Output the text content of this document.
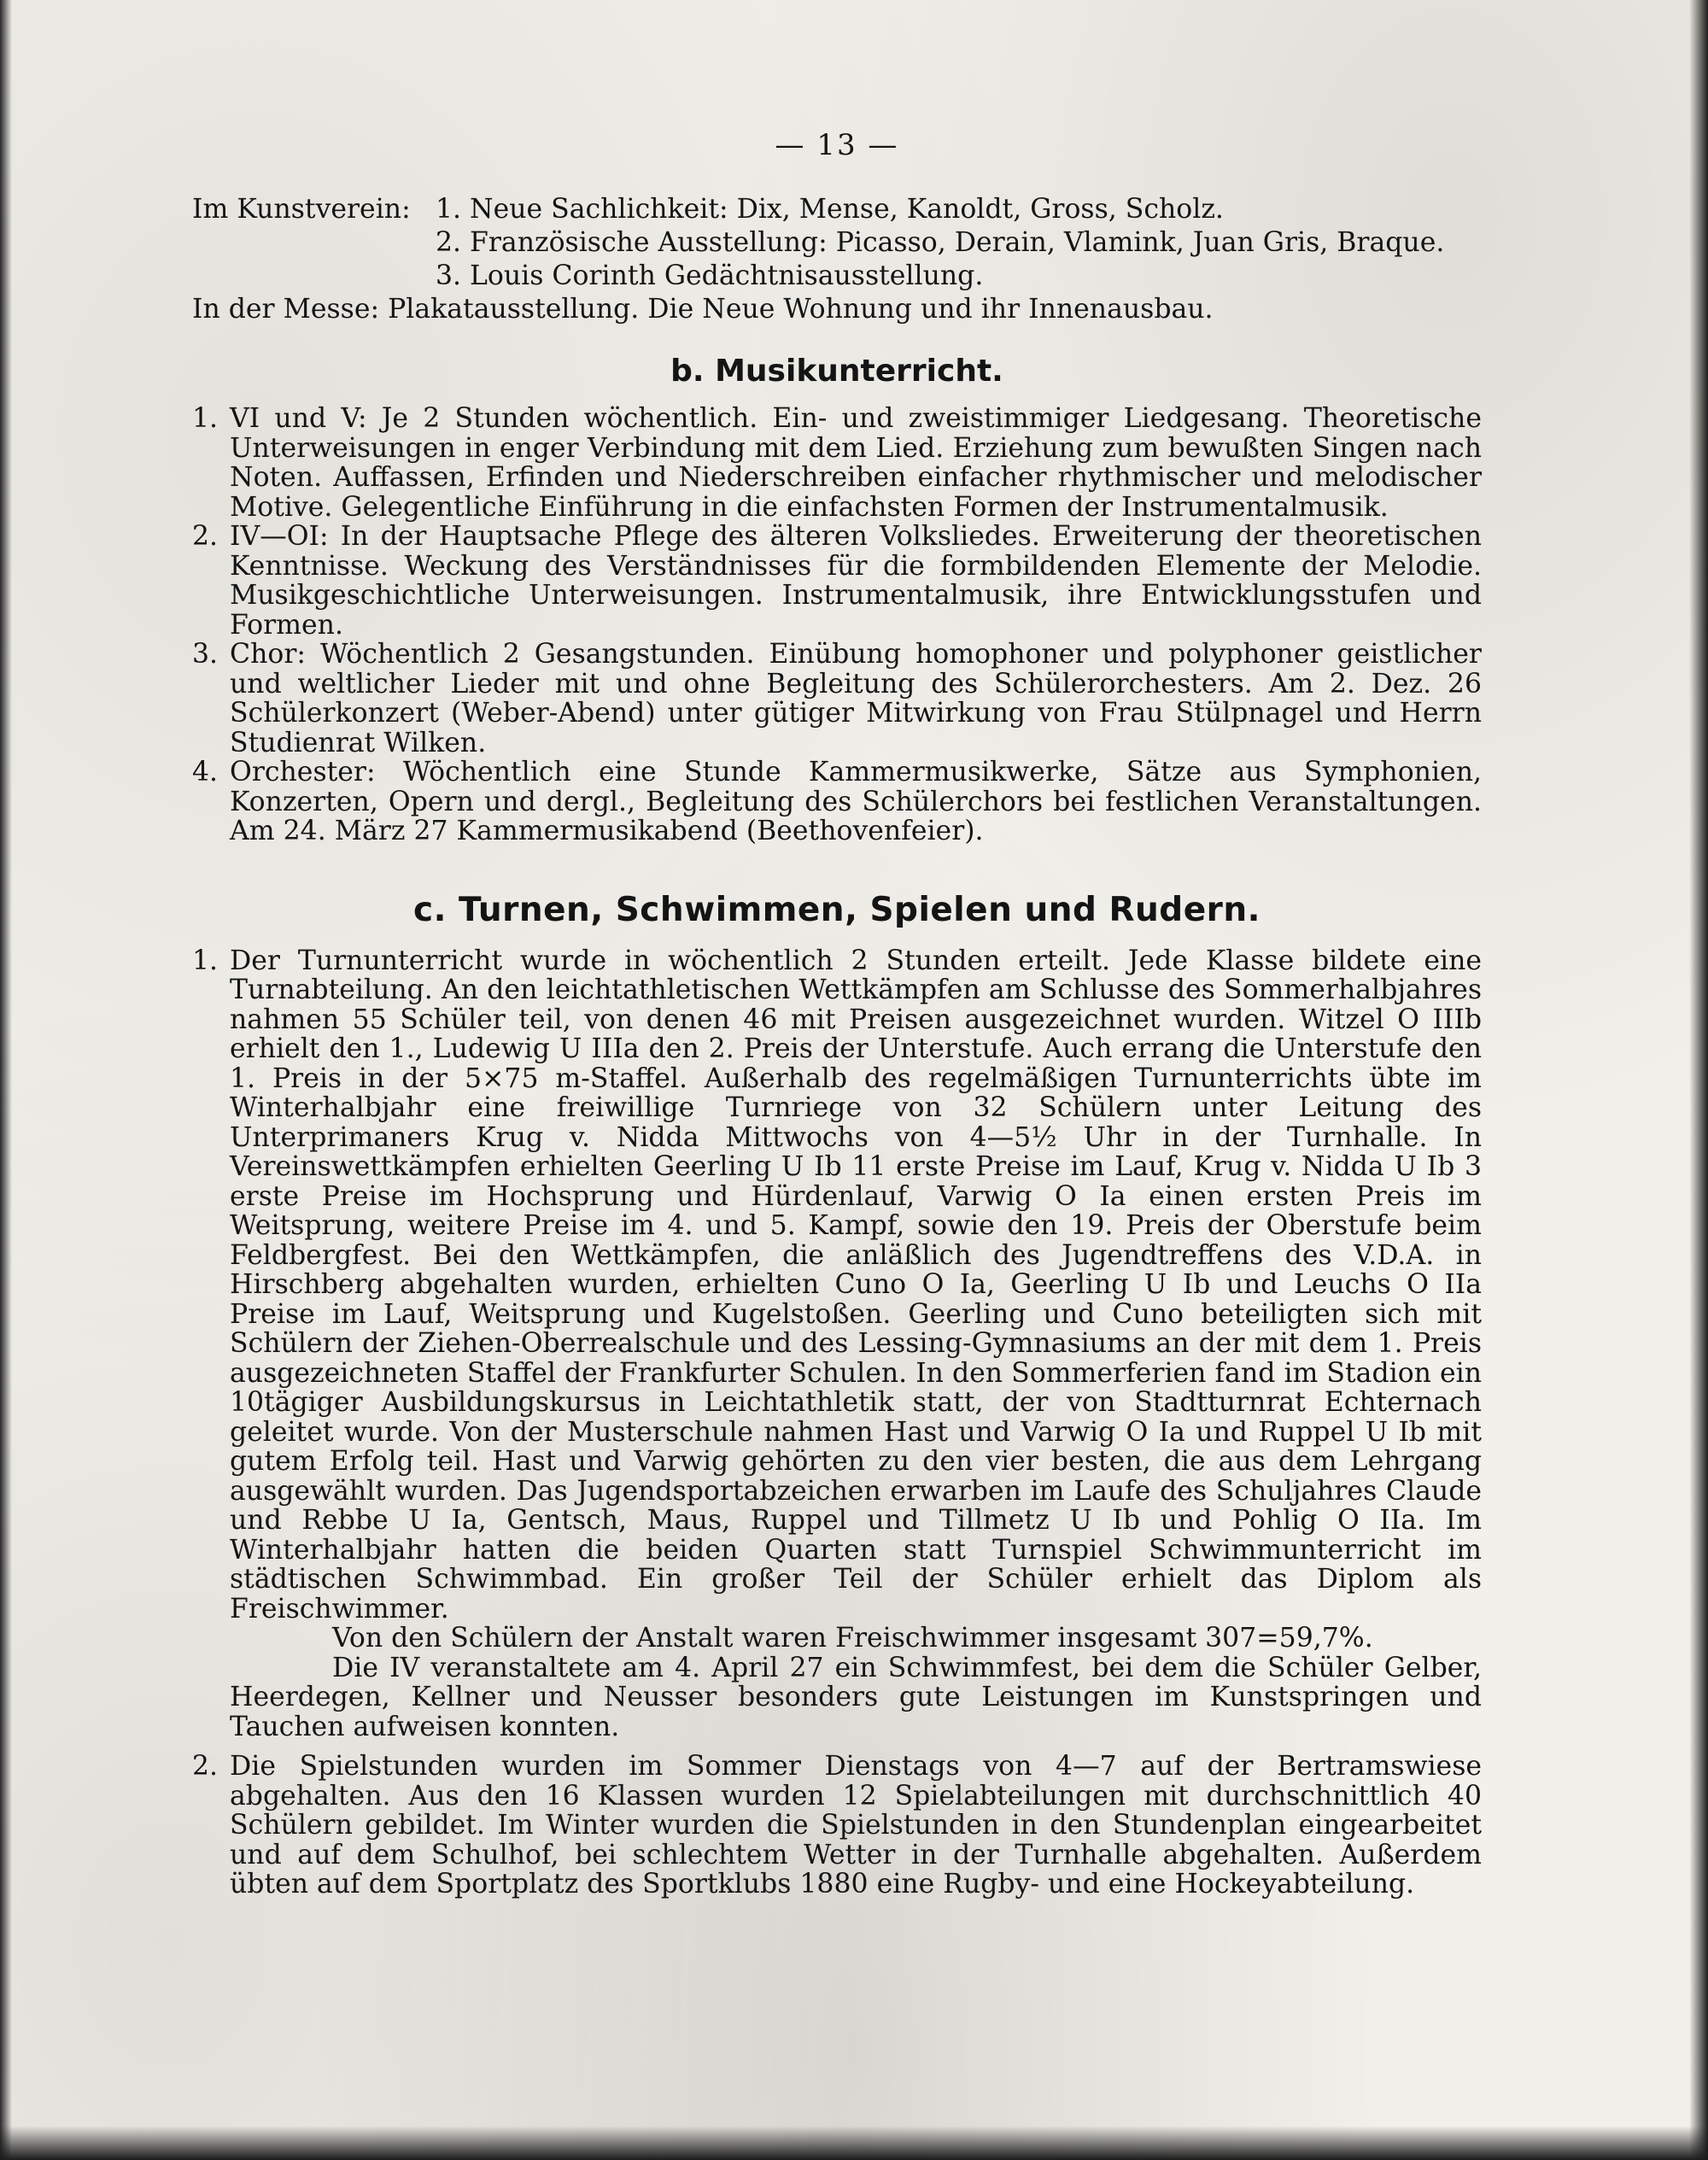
— 13 —
Im Kunstverein: 1. Neue Sachlichkeit: Dix, Mense, Kanoldt, Gross, Scholz.
2. Französische Ausstellung: Picasso, Derain, Vlamink, Juan Gris, Braque.
3. Louis Corinth Gedächtnisausstellung.
In der Messe: Plakatausstellung. Die Neue Wohnung und ihr Innenausbau.
b. Musikunterricht.
1. VI und V: Je 2 Stunden wöchentlich. Ein- und zweistimmiger Liedgesang. Theoretische Unterweisungen in enger Verbindung mit dem Lied. Erziehung zum bewußten Singen nach Noten. Auffassen, Erfinden und Niederschreiben einfacher rhythmischer und melodischer Motive. Gelegentliche Einführung in die einfachsten Formen der Instrumentalmusik.
2. IV—OI: In der Hauptsache Pflege des älteren Volksliedes. Erweiterung der theoretischen Kenntnisse. Weckung des Verständnisses für die formbildenden Elemente der Melodie. Musikgeschichtliche Unterweisungen. Instrumentalmusik, ihre Entwicklungsstufen und Formen.
3. Chor: Wöchentlich 2 Gesangstunden. Einübung homophoner und polyphoner geistlicher und weltlicher Lieder mit und ohne Begleitung des Schülerorchesters. Am 2. Dez. 26 Schülerkonzert (Weber-Abend) unter gütiger Mitwirkung von Frau Stülpnagel und Herrn Studienrat Wilken.
4. Orchester: Wöchentlich eine Stunde Kammermusikwerke, Sätze aus Symphonien, Konzerten, Opern und dergl., Begleitung des Schülerchors bei festlichen Veranstaltungen. Am 24. März 27 Kammermusikabend (Beethovenfeier).
c. Turnen, Schwimmen, Spielen und Rudern.
1. Der Turnunterricht wurde in wöchentlich 2 Stunden erteilt. Jede Klasse bildete eine Turnabteilung. An den leichtathletischen Wettkämpfen am Schlusse des Sommerhalbjahres nahmen 55 Schüler teil, von denen 46 mit Preisen ausgezeichnet wurden. Witzel O IIIb erhielt den 1., Ludewig U IIIa den 2. Preis der Unterstufe. Auch errang die Unterstufe den 1. Preis in der 5×75 m-Staffel. Außerhalb des regelmäßigen Turnunterrichts übte im Winterhalbjahr eine freiwillige Turnriege von 32 Schülern unter Leitung des Unterprimaners Krug v. Nidda Mittwochs von 4—5½ Uhr in der Turnhalle. In Vereinswettkämpfen erhielten Geerling U Ib 11 erste Preise im Lauf, Krug v. Nidda U Ib 3 erste Preise im Hochsprung und Hürdenlauf, Varwig O Ia einen ersten Preis im Weitsprung, weitere Preise im 4. und 5. Kampf, sowie den 19. Preis der Oberstufe beim Feldbergfest. Bei den Wettkämpfen, die anläßlich des Jugendtreffens des V.D.A. in Hirschberg abgehalten wurden, erhielten Cuno O Ia, Geerling U Ib und Leuchs O IIa Preise im Lauf, Weitsprung und Kugelstoßen. Geerling und Cuno beteiligten sich mit Schülern der Ziehen-Oberrealschule und des Lessing-Gymnasiums an der mit dem 1. Preis ausgezeichneten Staffel der Frankfurter Schulen. In den Sommerferien fand im Stadion ein 10tägiger Ausbildungskursus in Leichtathletik statt, der von Stadtturnrat Echternach geleitet wurde. Von der Musterschule nahmen Hast und Varwig O Ia und Ruppel U Ib mit gutem Erfolg teil. Hast und Varwig gehörten zu den vier besten, die aus dem Lehrgang ausgewählt wurden. Das Jugendsportabzeichen erwarben im Laufe des Schuljahres Claude und Rebbe U Ia, Gentsch, Maus, Ruppel und Tillmetz U Ib und Pohlig O IIa. Im Winterhalbjahr hatten die beiden Quarten statt Turnspiel Schwimmunterricht im städtischen Schwimmbad. Ein großer Teil der Schüler erhielt das Diplom als Freischwimmer.
Von den Schülern der Anstalt waren Freischwimmer insgesamt 307=59,7%.
Die IV veranstaltete am 4. April 27 ein Schwimmfest, bei dem die Schüler Gelber, Heerdegen, Kellner und Neusser besonders gute Leistungen im Kunstspringen und Tauchen aufweisen konnten.
2. Die Spielstunden wurden im Sommer Dienstags von 4—7 auf der Bertramswiese abgehalten. Aus den 16 Klassen wurden 12 Spielabteilungen mit durchschnittlich 40 Schülern gebildet. Im Winter wurden die Spielstunden in den Stundenplan eingearbeitet und auf dem Schulhof, bei schlechtem Wetter in der Turnhalle abgehalten. Außerdem übten auf dem Sportplatz des Sportklubs 1880 eine Rugby- und eine Hockeyabteilung.
